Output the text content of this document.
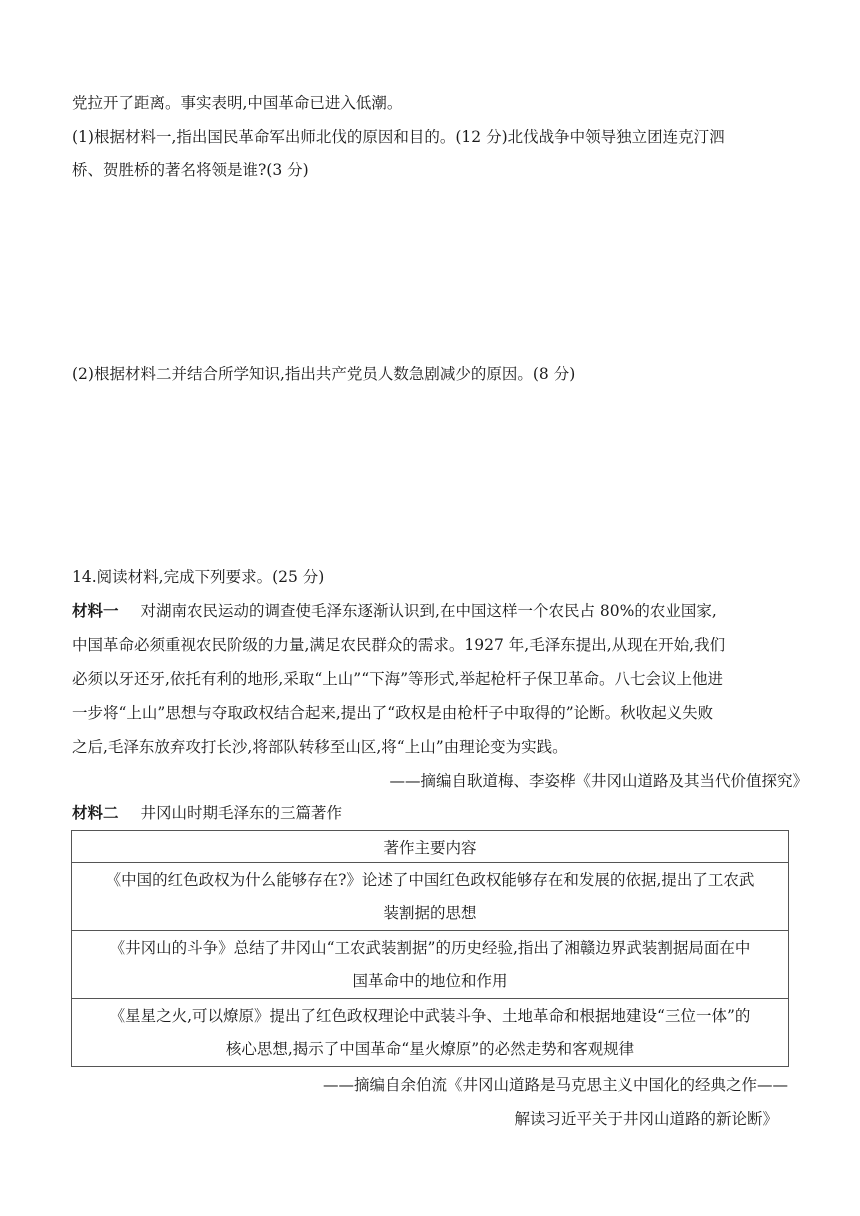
党拉开了距离。事实表明,中国革命已进入低潮。
(1)根据材料一,指出国民革命军出师北伐的原因和目的。(12 分)北伐战争中领导独立团连克汀泗
桥、贺胜桥的著名将领是谁?(3 分)
(2)根据材料二并结合所学知识,指出共产党员人数急剧减少的原因。(8 分)
14.阅读材料,完成下列要求。(25 分)
材料一 对湖南农民运动的调查使毛泽东逐渐认识到,在中国这样一个农民占 80%的农业国家,
中国革命必须重视农民阶级的力量,满足农民群众的需求。1927 年,毛泽东提出,从现在开始,我们
必须以牙还牙,依托有利的地形,采取“上山”“下海”等形式,举起枪杆子保卫革命。八七会议上他进
一步将“上山”思想与夺取政权结合起来,提出了“政权是由枪杆子中取得的”论断。秋收起义失败
之后,毛泽东放弃攻打长沙,将部队转移至山区,将“上山”由理论变为实践。
——摘编自耿道梅、李姿桦《井冈山道路及其当代价值探究》
材料二 井冈山时期毛泽东的三篇著作
著作主要内容

《中国的红色政权为什么能够存在?》论述了中国红色政权能够存在和发展的依据,提出了工农武
装割据的思想

《井冈山的斗争》总结了井冈山“工农武装割据”的历史经验,指出了湘赣边界武装割据局面在中
国革命中的地位和作用

《星星之火,可以燎原》提出了红色政权理论中武装斗争、土地革命和根据地建设“三位一体”的
核心思想,揭示了中国革命“星火燎原”的必然走势和客观规律
——摘编自余伯流《井冈山道路是马克思主义中国化的经典之作——
解读习近平关于井冈山道路的新论断》
